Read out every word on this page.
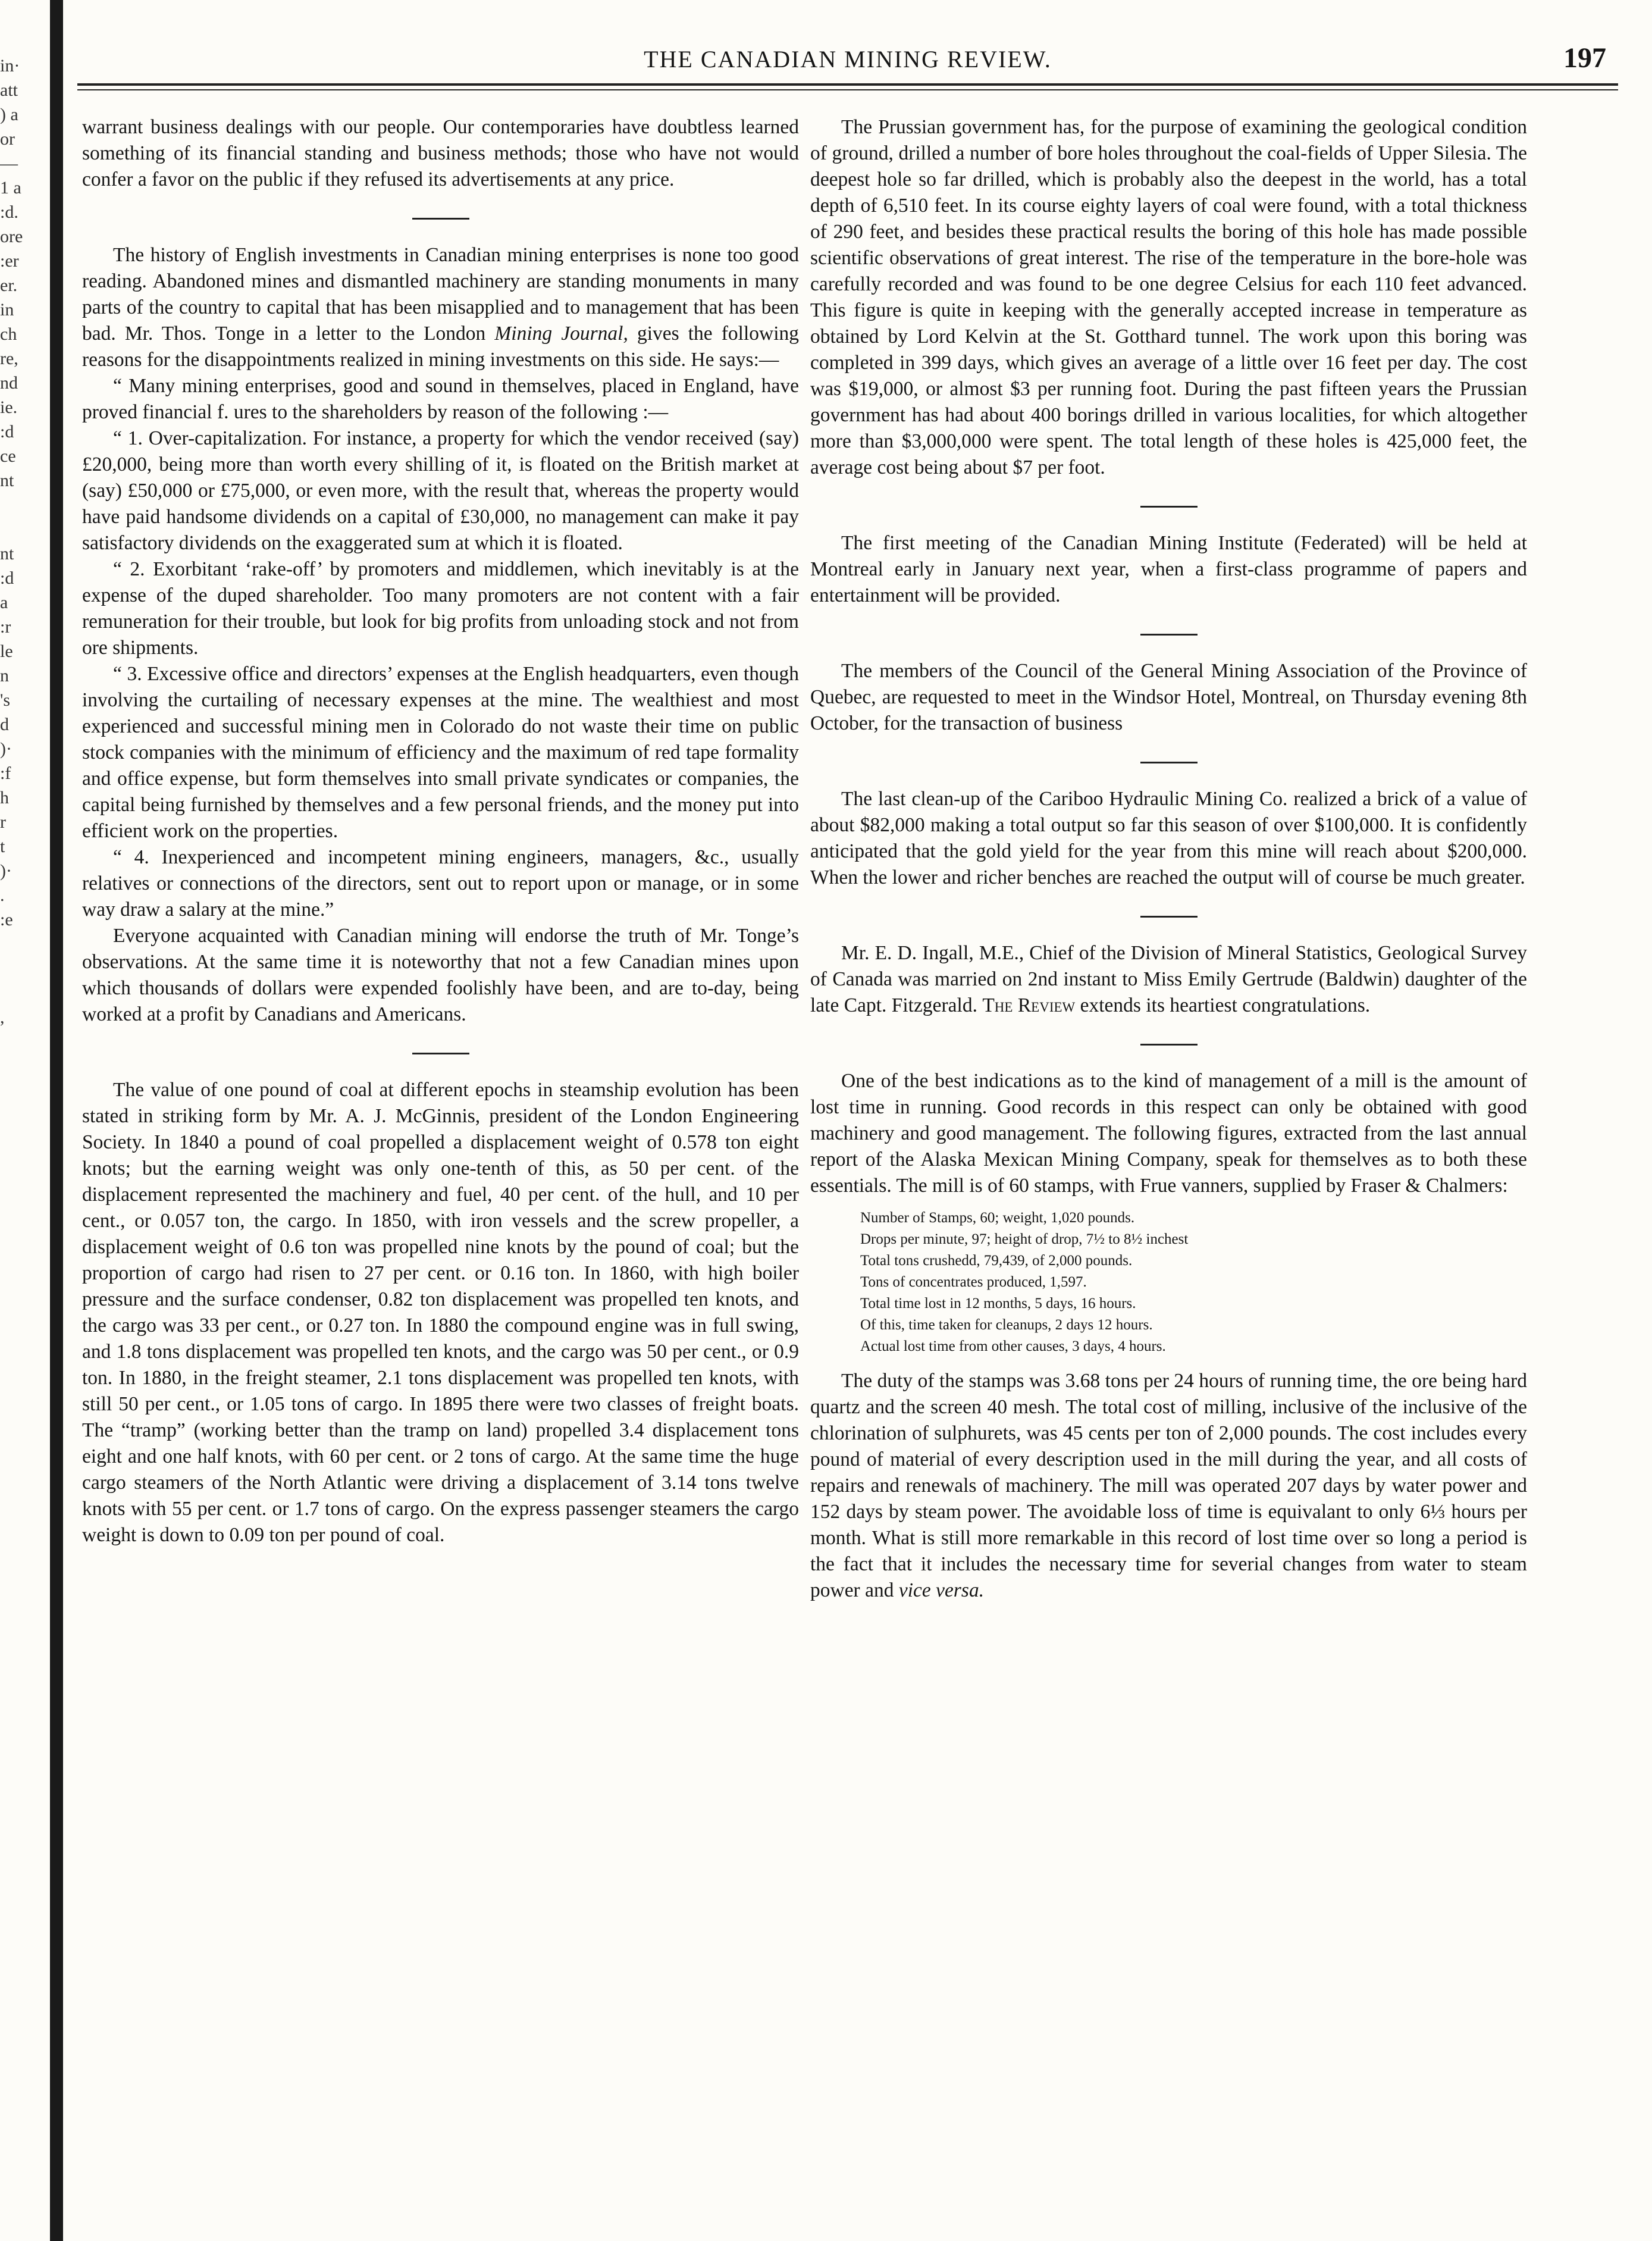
in·
att
) a
or
—
1 a
:d.
ore
:er
er.
in
ch
re,
nd
ie.
:d
ce
nt

nt
:d
a
:r
le
n
's
d
)·
:f
h
r
t
)·
.
:e

,
THE CANADIAN MINING REVIEW.	197

warrant business dealings with our people. Our contemporaries have doubtless learned something of its financial standing and business methods; those who have not would confer a favor on the public if they refused its advertisements at any price.

The history of English investments in Canadian mining enterprises is none too good reading. Abandoned mines and dismantled machinery are standing monuments in many parts of the country to capital that has been misapplied and to management that has been bad. Mr. Thos. Tonge in a letter to the London Mining Journal, gives the following reasons for the disappointments realized in mining investments on this side. He says:—

“ Many mining enterprises, good and sound in themselves, placed in England, have proved financial f. ures to the shareholders by reason of the following :—

“ 1. Over-capitalization. For instance, a property for which the vendor received (say) £20,000, being more than worth every shilling of it, is floated on the British market at (say) £50,000 or £75,000, or even more, with the result that, whereas the property would have paid handsome dividends on a capital of £30,000, no management can make it pay satisfactory dividends on the exaggerated sum at which it is floated.

“ 2. Exorbitant ‘rake-off’ by promoters and middlemen, which inevitably is at the expense of the duped shareholder. Too many promoters are not content with a fair remuneration for their trouble, but look for big profits from unloading stock and not from ore shipments.

“ 3. Excessive office and directors’ expenses at the English headquarters, even though involving the curtailing of necessary expenses at the mine. The wealthiest and most experienced and successful mining men in Colorado do not waste their time on public stock companies with the minimum of efficiency and the maximum of red tape formality and office expense, but form themselves into small private syndicates or companies, the capital being furnished by themselves and a few personal friends, and the money put into efficient work on the properties.

“ 4. Inexperienced and incompetent mining engineers, managers, &c., usually relatives or connections of the directors, sent out to report upon or manage, or in some way draw a salary at the mine.”

Everyone acquainted with Canadian mining will endorse the truth of Mr. Tonge’s observations. At the same time it is noteworthy that not a few Canadian mines upon which thousands of dollars were expended foolishly have been, and are to-day, being worked at a profit by Canadians and Americans.

The value of one pound of coal at different epochs in steamship evolution has been stated in striking form by Mr. A. J. McGinnis, president of the London Engineering Society. In 1840 a pound of coal propelled a displacement weight of 0.578 ton eight knots; but the earning weight was only one-tenth of this, as 50 per cent. of the displacement represented the machinery and fuel, 40 per cent. of the hull, and 10 per cent., or 0.057 ton, the cargo. In 1850, with iron vessels and the screw propeller, a displacement weight of 0.6 ton was propelled nine knots by the pound of coal; but the proportion of cargo had risen to 27 per cent. or 0.16 ton. In 1860, with high boiler pressure and the surface condenser, 0.82 ton displacement was propelled ten knots, and the cargo was 33 per cent., or 0.27 ton. In 1880 the compound engine was in full swing, and 1.8 tons displacement was propelled ten knots, and the cargo was 50 per cent., or 0.9 ton. In 1880, in the freight steamer, 2.1 tons displacement was propelled ten knots, with still 50 per cent., or 1.05 tons of cargo. In 1895 there were two classes of freight boats. The “tramp” (working better than the tramp on land) propelled 3.4 displacement tons eight and one half knots, with 60 per cent. or 2 tons of cargo. At the same time the huge cargo steamers of the North Atlantic were driving a displacement of 3.14 tons twelve knots with 55 per cent. or 1.7 tons of cargo. On the express passenger steamers the cargo weight is down to 0.09 ton per pound of coal.

The Prussian government has, for the purpose of examining the geological condition of ground, drilled a number of bore holes throughout the coal-fields of Upper Silesia. The deepest hole so far drilled, which is probably also the deepest in the world, has a total depth of 6,510 feet. In its course eighty layers of coal were found, with a total thickness of 290 feet, and besides these practical results the boring of this hole has made possible scientific observations of great interest. The rise of the temperature in the bore-hole was carefully recorded and was found to be one degree Celsius for each 110 feet advanced. This figure is quite in keeping with the generally accepted increase in temperature as obtained by Lord Kelvin at the St. Gotthard tunnel. The work upon this boring was completed in 399 days, which gives an average of a little over 16 feet per day. The cost was $19,000, or almost $3 per running foot. During the past fifteen years the Prussian government has had about 400 borings drilled in various localities, for which altogether more than $3,000,000 were spent. The total length of these holes is 425,000 feet, the average cost being about $7 per foot.

The first meeting of the Canadian Mining Institute (Federated) will be held at Montreal early in January next year, when a first-class programme of papers and entertainment will be provided.

The members of the Council of the General Mining Association of the Province of Quebec, are requested to meet in the Windsor Hotel, Montreal, on Thursday evening 8th October, for the transaction of business

The last clean-up of the Cariboo Hydraulic Mining Co. realized a brick of a value of about $82,000 making a total output so far this season of over $100,000. It is confidently anticipated that the gold yield for the year from this mine will reach about $200,000. When the lower and richer benches are reached the output will of course be much greater.

Mr. E. D. Ingall, M.E., Chief of the Division of Mineral Statistics, Geological Survey of Canada was married on 2nd instant to Miss Emily Gertrude (Baldwin) daughter of the late Capt. Fitzgerald. The Review extends its heartiest congratulations.

One of the best indications as to the kind of management of a mill is the amount of lost time in running. Good records in this respect can only be obtained with good machinery and good management. The following figures, extracted from the last annual report of the Alaska Mexican Mining Company, speak for themselves as to both these essentials. The mill is of 60 stamps, with Frue vanners, supplied by Fraser & Chalmers:

Number of Stamps, 60; weight, 1,020 pounds.
Drops per minute, 97; height of drop, 7½ to 8½ inchest
Total tons crushedd, 79,439, of 2,000 pounds.
Tons of concentrates produced, 1,597.
Total time lost in 12 months, 5 days, 16 hours.
Of this, time taken for cleanups, 2 days 12 hours.
Actual lost time from other causes, 3 days, 4 hours.

The duty of the stamps was 3.68 tons per 24 hours of running time, the ore being hard quartz and the screen 40 mesh. The total cost of milling, inclusive of the inclusive of the chlorination of sulphurets, was 45 cents per ton of 2,000 pounds. The cost includes every pound of material of every description used in the mill during the year, and all costs of repairs and renewals of machinery. The mill was operated 207 days by water power and 152 days by steam power. The avoidable loss of time is equivalant to only 6⅓ hours per month. What is still more remarkable in this record of lost time over so long a period is the fact that it includes the necessary time for severial changes from water to steam power and vice versa.
